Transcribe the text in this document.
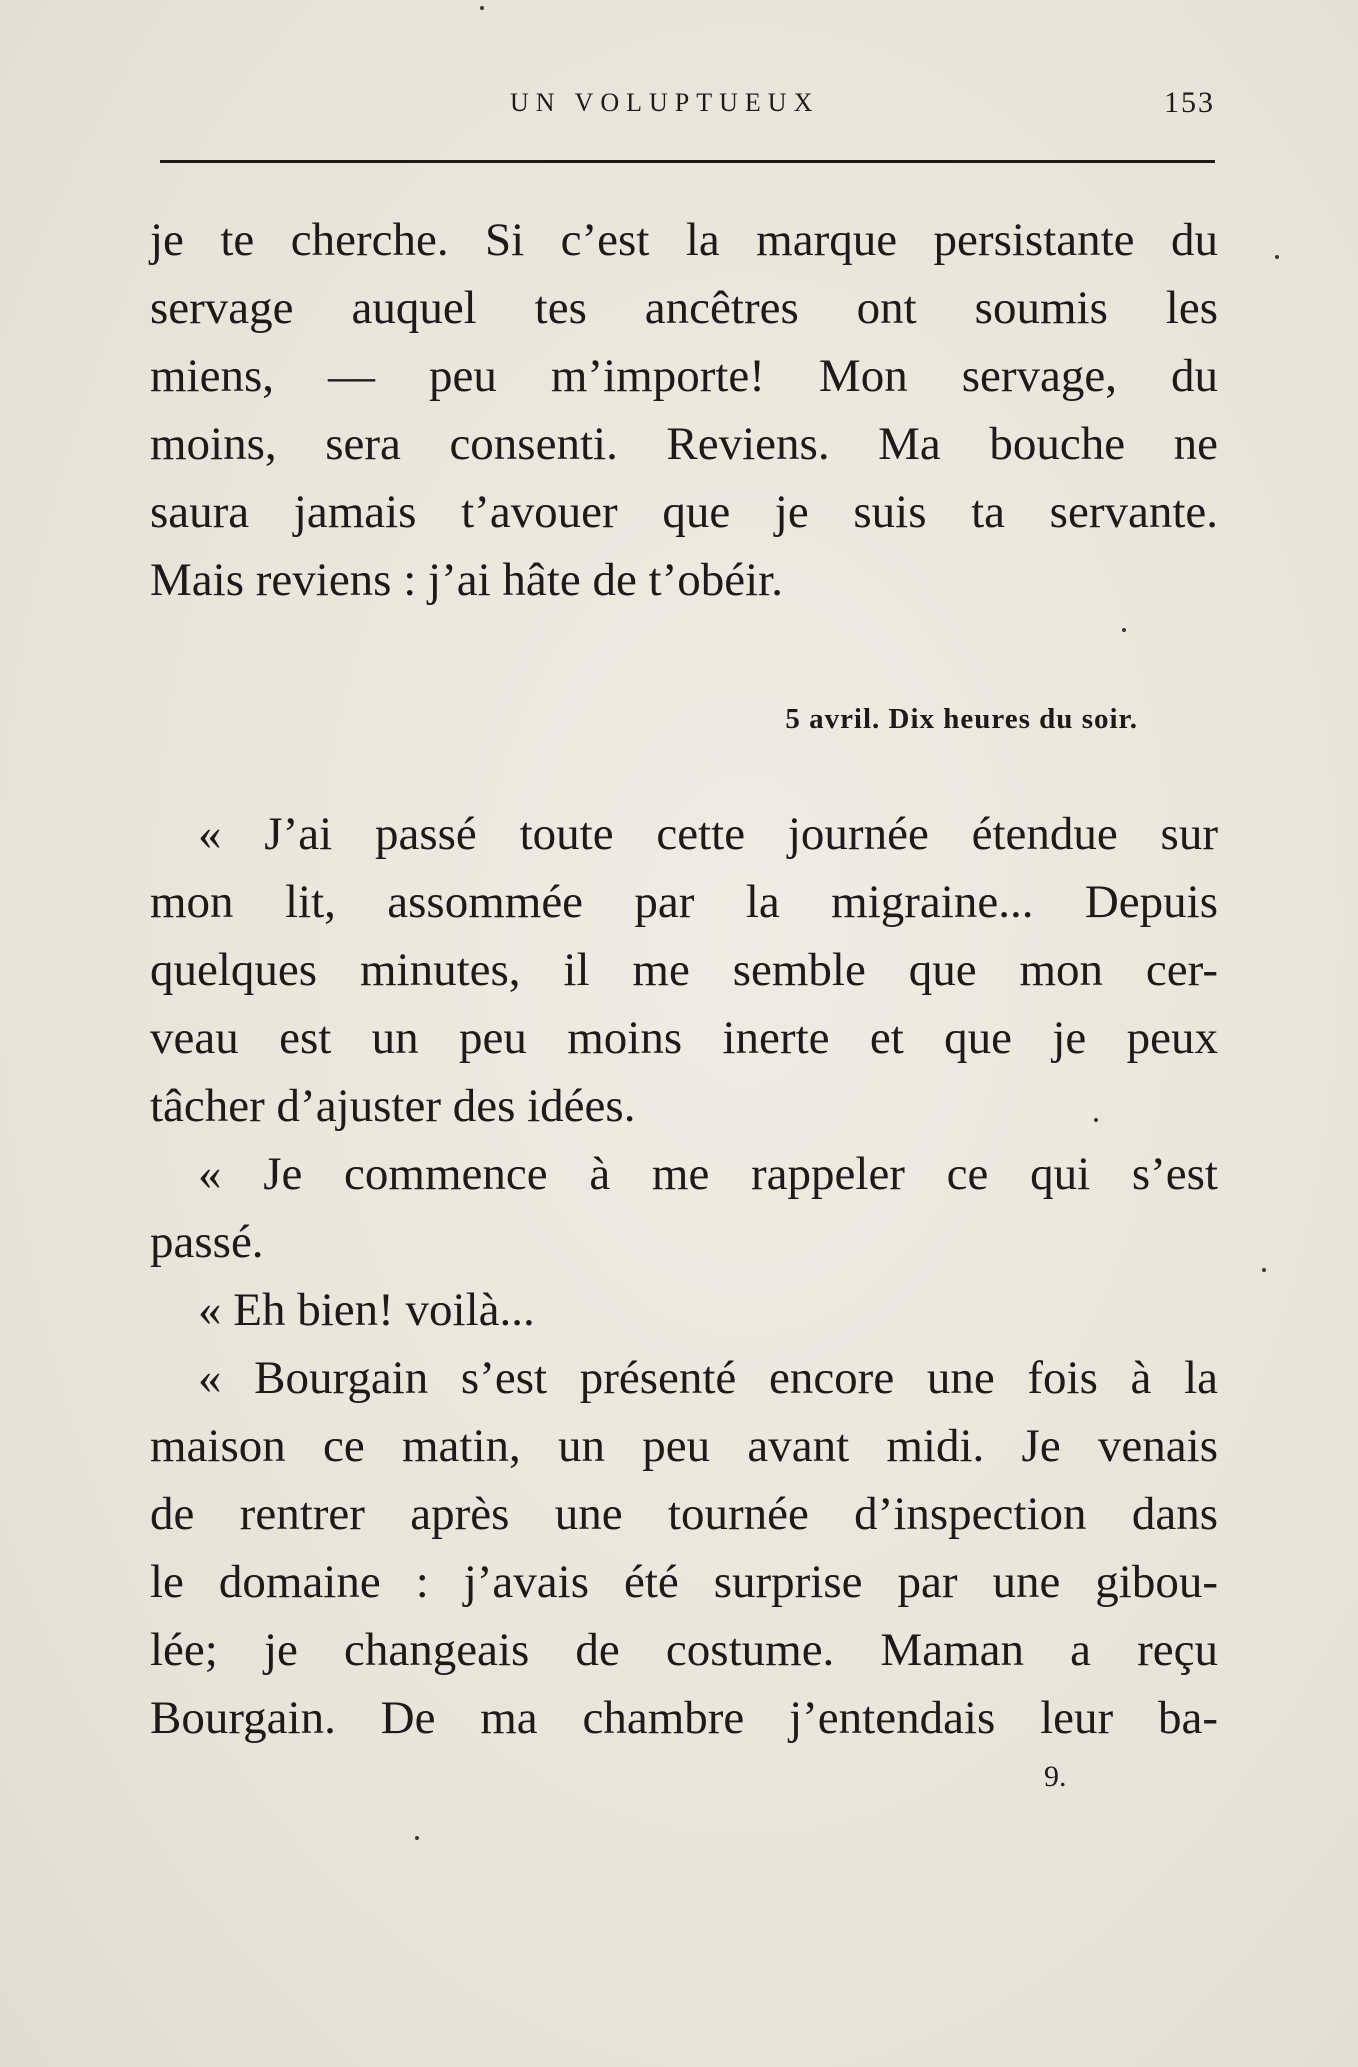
UN VOLUPTUEUX	153
je te cherche. Si c’est la marque persistante du
servage auquel tes ancêtres ont soumis les
miens, — peu m’importe! Mon servage, du
moins, sera consenti. Reviens. Ma bouche ne
saura jamais t’avouer que je suis ta servante.
Mais reviens : j’ai hâte de t’obéir.
5 avril. Dix heures du soir.
« J’ai passé toute cette journée étendue sur
mon lit, assommée par la migraine... Depuis
quelques minutes, il me semble que mon cer-
veau est un peu moins inerte et que je peux
tâcher d’ajuster des idées.
« Je commence à me rappeler ce qui s’est
passé.
« Eh bien! voilà...
« Bourgain s’est présenté encore une fois à la
maison ce matin, un peu avant midi. Je venais
de rentrer après une tournée d’inspection dans
le domaine : j’avais été surprise par une gibou-
lée; je changeais de costume. Maman a reçu
Bourgain. De ma chambre j’entendais leur ba-
9.
